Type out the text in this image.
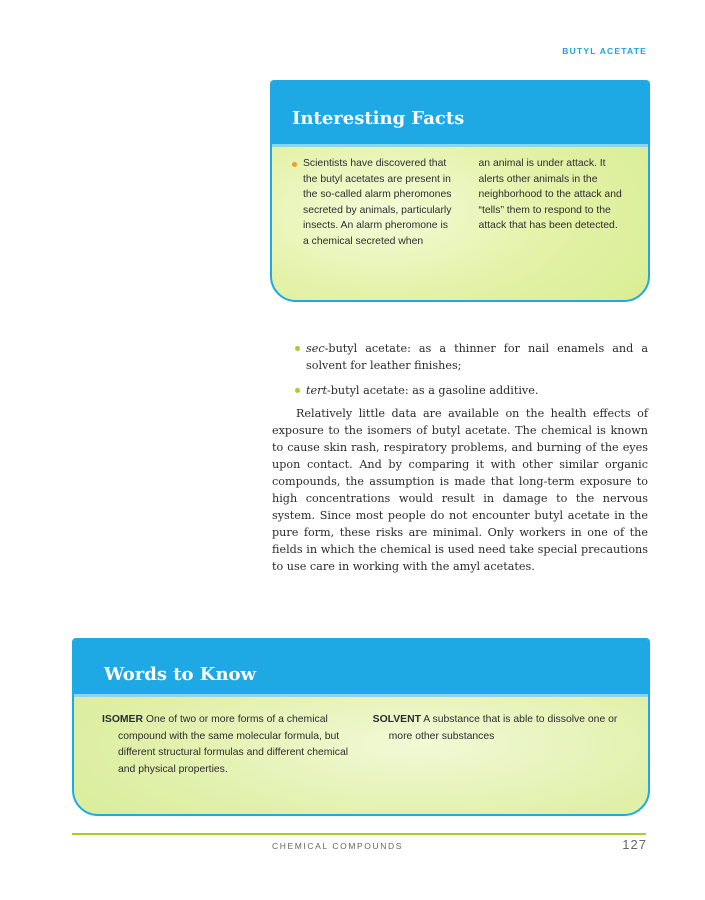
BUTYL ACETATE
Interesting Facts
Scientists have discovered that the butyl acetates are present in the so-called alarm pheromones secreted by animals, particularly insects. An alarm pheromone is a chemical secreted when
an animal is under attack. It alerts other animals in the neighborhood to the attack and “tells” them to respond to the attack that has been detected.
sec-butyl acetate: as a thinner for nail enamels and a solvent for leather finishes;
tert-butyl acetate: as a gasoline additive.

Relatively little data are available on the health effects of exposure to the isomers of butyl acetate. The chemical is known to cause skin rash, respiratory problems, and burning of the eyes upon contact. And by comparing it with other similar organic compounds, the assumption is made that long-term exposure to high concentrations would result in damage to the nervous system. Since most people do not encounter butyl acetate in the pure form, these risks are minimal. Only workers in one of the fields in which the chemical is used need take special precautions to use care in working with the amyl acetates.

Words to Know
ISOMER One of two or more forms of a chemical compound with the same molecular formula, but different structural formulas and different chemical and physical properties.
SOLVENT A substance that is able to dissolve one or more other substances
CHEMICAL COMPOUNDS	127
